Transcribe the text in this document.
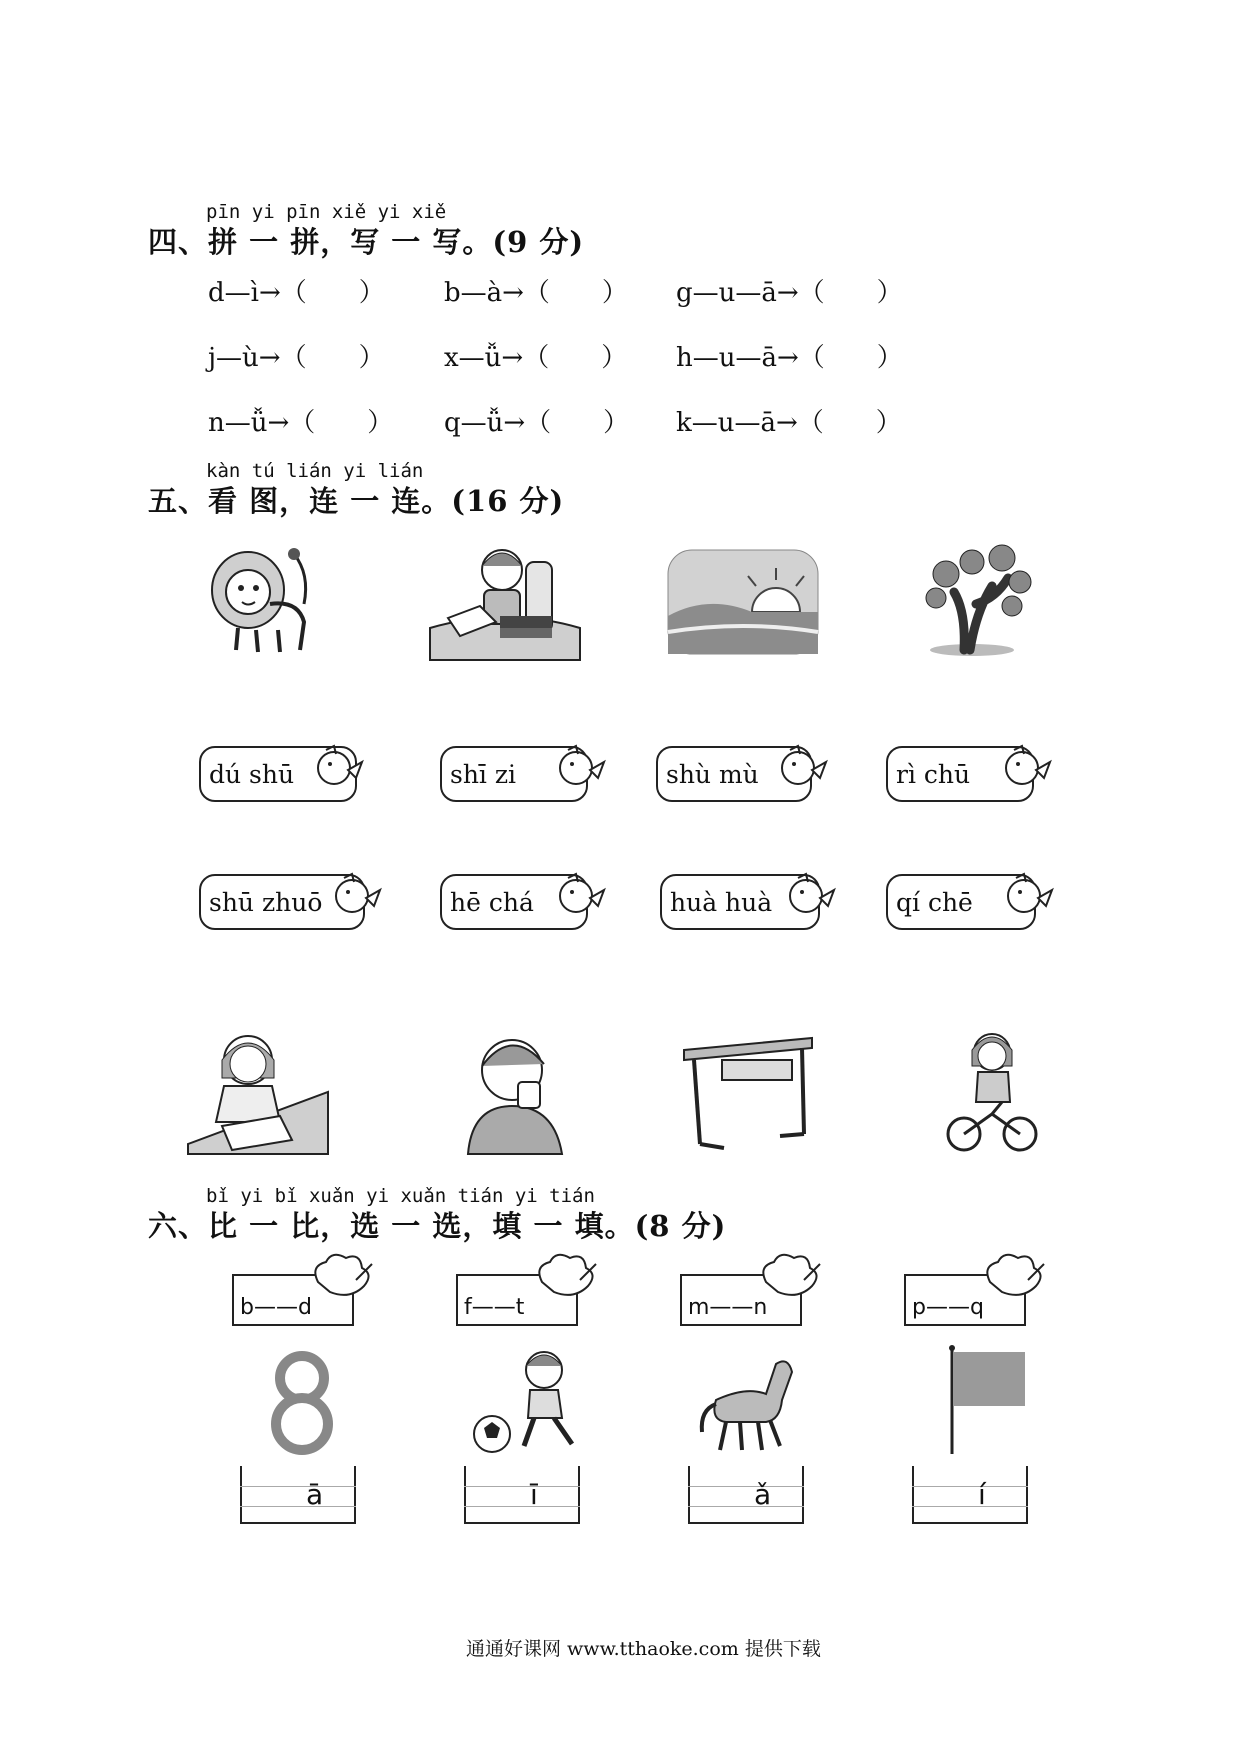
pīn yi pīn xiě yi xiě
四、拼 一 拼，写 一 写。(9 分)
d—ì→（　　） b—à→（　　） g—u—ā→（　　）
j—ù→（　　） x—ǚ→（　　） h—u—ā→（　　）
n—ǚ→（　　） q—ǚ→（　　） k—u—ā→（　　）
kàn tú lián yi lián
五、看 图，连 一 连。(16 分)
dú shū	shī zi	shù mù	rì chū
shū zhuō	hē chá	huà huà	qí chē
bǐ yi bǐ xuǎn yi xuǎn tián yi tián
六、比 一 比，选 一 选，填 一 填。(8 分)
b——d	f——t	m——n	p——q
ā	ī	ǎ	í
通通好课网 www.tthaoke.com 提供下载
